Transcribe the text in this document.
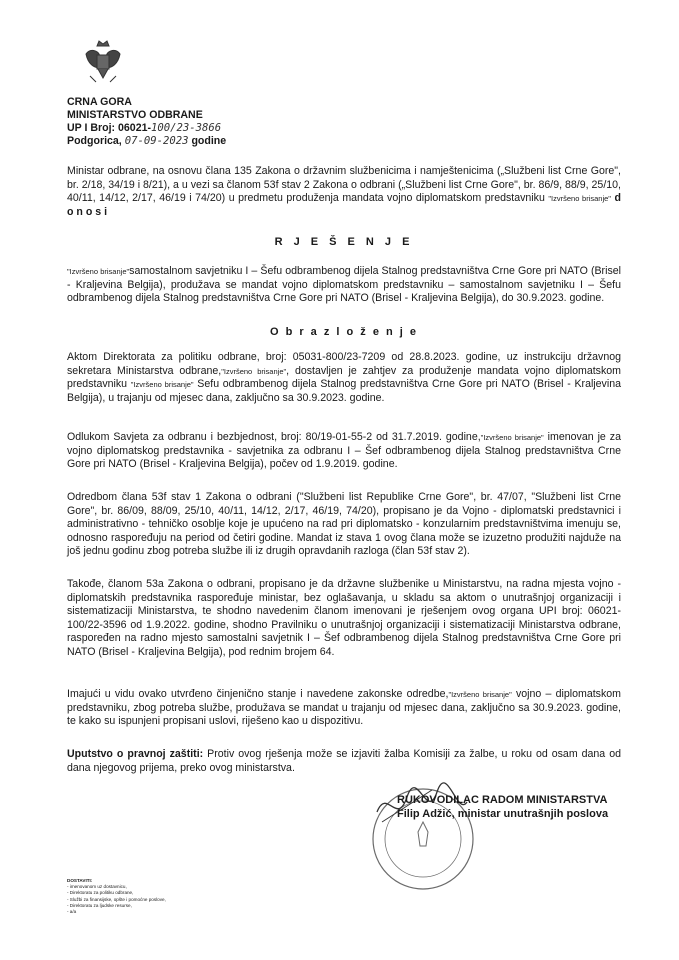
CRNA GORA
MINISTARSTVO ODBRANE
UP I Broj: 06021-100/23-3866
Podgorica, 07-09-2023 godine
Ministar odbrane, na osnovu člana 135 Zakona o državnim službenicima i namještenicima („Službeni list Crne Gore", br. 2/18, 34/19 i 8/21), a u vezi sa članom 53f stav 2 Zakona o odbrani („Službeni list Crne Gore", br. 86/9, 88/9, 25/10, 40/11, 14/12, 2/17, 46/19 i 74/20) u predmetu produženja mandata vojno diplomatskom predstavniku "Izvršeno brisanje" d o n o s i
R J E Š E N J E
"Izvršeno brisanje"samostalnom savjetniku I – Šefu odbrambenog dijela Stalnog predstavništva Crne Gore pri NATO (Brisel - Kraljevina Belgija), produžava se mandat vojno diplomatskom predstavniku – samostalnom savjetniku I – Šefu odbrambenog dijela Stalnog predstavništva Crne Gore pri NATO (Brisel - Kraljevina Belgija), do 30.9.2023. godine.
O b r a z l o ž e n j e
Aktom Direktorata za politiku odbrane, broj: 05031-800/23-7209 od 28.8.2023. godine, uz instrukciju državnog sekretara Ministarstva odbrane,"Izvršeno brisanje", dostavljen je zahtjev za produženje mandata vojno diplomatskom predstavniku "Izvršeno brisanje" Sefu odbrambenog dijela Stalnog predstavništva Crne Gore pri NATO (Brisel - Kraljevina Belgija), u trajanju od mjesec dana, zaključno sa 30.9.2023. godine.
Odlukom Savjeta za odbranu i bezbjednost, broj: 80/19-01-55-2 od 31.7.2019. godine,"Izvršeno brisanje" imenovan je za vojno diplomatskog predstavnika - savjetnika za odbranu I – Šef odbrambenog dijela Stalnog predstavništva Crne Gore pri NATO (Brisel - Kraljevina Belgija), počev od 1.9.2019. godine.
Odredbom člana 53f stav 1 Zakona o odbrani ("Službeni list Republike Crne Gore", br. 47/07, "Službeni list Crne Gore", br. 86/09, 88/09, 25/10, 40/11, 14/12, 2/17, 46/19, 74/20), propisano je da Vojno - diplomatski predstavnici i administrativno - tehničko osoblje koje je upućeno na rad pri diplomatsko - konzularnim predstavništvima imenuju se, odnosno raspoređuju na period od četiri godine. Mandat iz stava 1 ovog člana može se izuzetno produžiti najduže na još jednu godinu zbog potreba službe ili iz drugih opravdanih razloga (član 53f stav 2).
Takođe, članom 53a Zakona o odbrani, propisano je da državne službenike u Ministarstvu, na radna mjesta vojno - diplomatskih predstavnika raspoređuje ministar, bez oglašavanja, u skladu sa aktom o unutrašnjoj organizaciji i sistematizaciji Ministarstva, te shodno navedenim članom imenovani je rješenjem ovog organa UPI broj: 06021-100/22-3596 od 1.9.2022. godine, shodno Pravilniku o unutrašnjoj organizaciji i sistematizaciji Ministarstva odbrane, raspoređen na radno mjesto samostalni savjetnik I – Šef odbrambenog dijela Stalnog predstavništva Crne Gore pri NATO (Brisel - Kraljevina Belgija), pod rednim brojem 64.
Imajući u vidu ovako utvrđeno činjenično stanje i navedene zakonske odredbe,"Izvršeno brisanje" vojno – diplomatskom predstavniku, zbog potreba službe, produžava se mandat u trajanju od mjesec dana, zaključno sa 30.9.2023. godine, te kako su ispunjeni propisani uslovi, riješeno kao u dispozitivu.
Uputstvo o pravnoj zaštiti: Protiv ovog rješenja može se izjaviti žalba Komisiji za žalbe, u roku od osam dana od dana njegovog prijema, preko ovog ministarstva.
RUKOVODILAC RADOM MINISTARSTVA
Filip Adžić, ministar unutrašnjih poslova
DOSTAVITI:
- imenovanom uz dostavnicu,
- Direktoratu za politiku odbrane,
- Službi za finansijske, opšte i pomoćne poslove,
- Direktoratu za ljudske resurse,
- a/a
